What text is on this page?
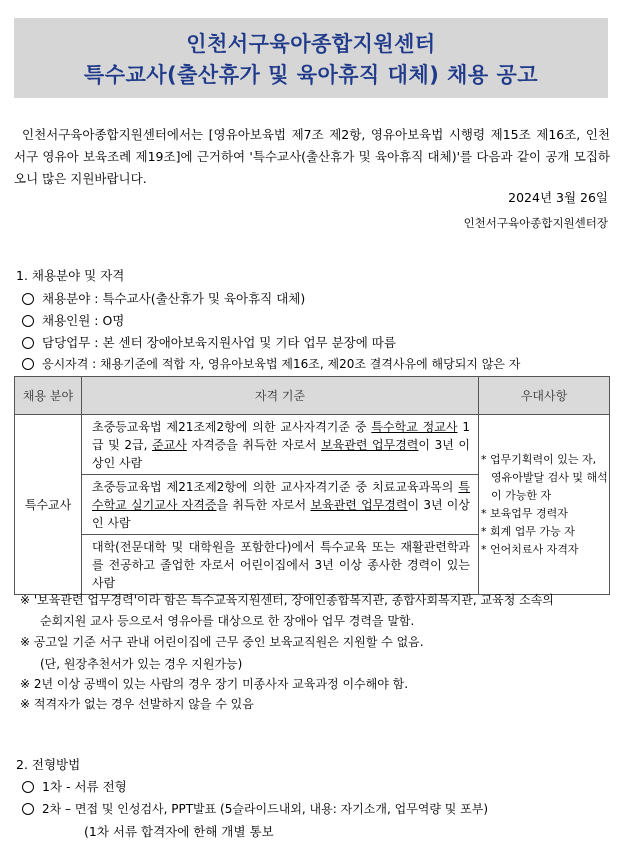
인천서구육아종합지원센터
특수교사(출산휴가 및 육아휴직 대체) 채용 공고
인천서구육아종합지원센터에서는 [영유아보육법 제7조 제2항, 영유아보육법 시행령 제15조 제16조, 인천 서구 영유아 보육조례 제19조]에 근거하여 '특수교사(출산휴가 및 육아휴직 대체)'를 다음과 같이 공개 모집하오니 많은 지원바랍니다.
2024년 3월 26일
인천서구육아종합지원센터장
1. 채용분야 및 자격
채용분야 : 특수교사(출산휴가 및 육아휴직 대체)
채용인원 : O명
담당업무 : 본 센터 장애아보육지원사업 및 기타 업무 분장에 따름
응시자격 : 채용기준에 적합 자, 영유아보육법 제16조, 제20조 결격사유에 해당되지 않은 자
채용 분야	자격 기준	우대사항
특수교사	초중등교육법 제21조제2항에 의한 교사자격기준 중 특수학교 정교사 1급 및 2급, 준교사 자격증을 취득한 자로서 보육관련 업무경력이 3년 이상인 사람	* 업무기획력이 있는 자, 영유아발달 검사 및 해석이 가능한 자
* 보육업무 경력자
* 회계 업무 가능 자
* 언어치료사 자격자

	초중등교육법 제21조제2항에 의한 교사자격기준 중 치료교육과목의 특수학교 실기교사 자격증을 취득한 자로서 보육관련 업무경력이 3년 이상인 사람	
	대학(전문대학 및 대학원을 포함한다)에서 특수교육 또는 재활관련학과를 전공하고 졸업한 자로서 어린이집에서 3년 이상 종사한 경력이 있는 사람	
※ '보육관련 업무경력'이라 함은 특수교육지원센터, 장애인종합복지관, 종합사회복지관, 교육청 소속의
순회지원 교사 등으로서 영유아를 대상으로 한 장애아 업무 경력을 말함.
※ 공고일 기준 서구 관내 어린이집에 근무 중인 보육교직원은 지원할 수 없음.
(단, 원장추천서가 있는 경우 지원가능)
※ 2년 이상 공백이 있는 사람의 경우 장기 미종사자 교육과정 이수해야 함.
※ 적격자가 없는 경우 선발하지 않을 수 있음
2. 전형방법
1차 - 서류 전형
2차 – 면접 및 인성검사, PPT발표 (5슬라이드내외, 내용: 자기소개, 업무역량 및 포부)
(1차 서류 합격자에 한해 개별 통보
